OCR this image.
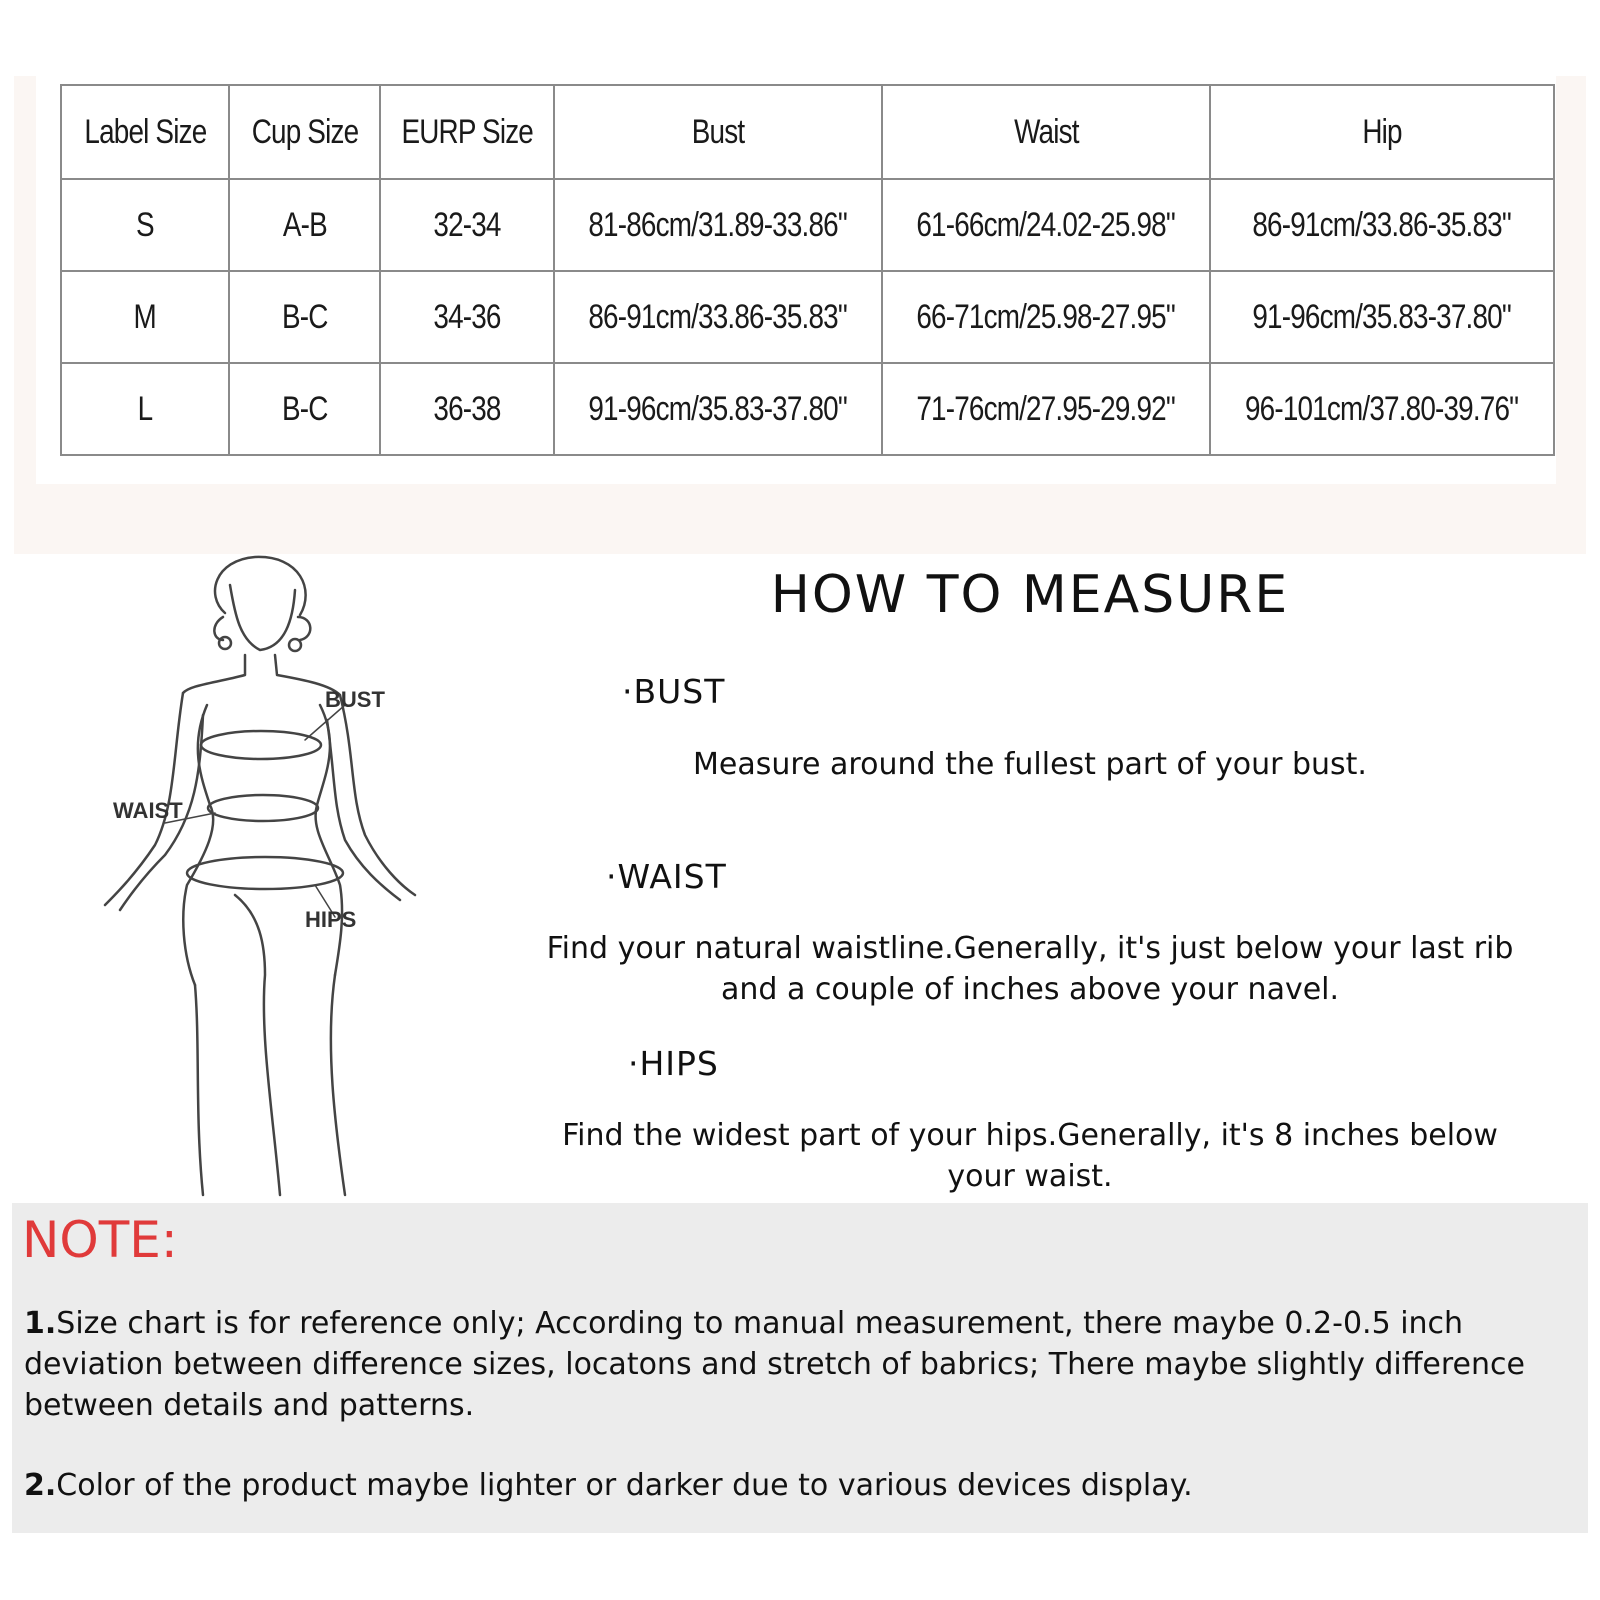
Label Size	Cup Size	EURP Size	Bust	Waist	Hip
S	A-B	32-34	81-86cm/31.89-33.86"	61-66cm/24.02-25.98"	86-91cm/33.86-35.83"
M	B-C	34-36	86-91cm/33.86-35.83"	66-71cm/25.98-27.95"	91-96cm/35.83-37.80"
L	B-C	36-38	91-96cm/35.83-37.80"	71-76cm/27.95-29.92"	96-101cm/37.80-39.76"
BUST
WAIST
HIPS
HOW TO MEASURE
·BUST
Measure around the fullest part of your bust.
·WAIST
Find your natural waistline.Generally, it's just below your last rib
and a couple of inches above your navel.
·HIPS
Find the widest part of your hips.Generally, it's 8 inches below
your waist.
NOTE:
1.Size chart is for reference only; According to manual measurement, there maybe 0.2-0.5 inch deviation between difference sizes, locatons and stretch of babrics; There maybe slightly difference between details and patterns.
2.Color of the product maybe lighter or darker due to various devices display.
